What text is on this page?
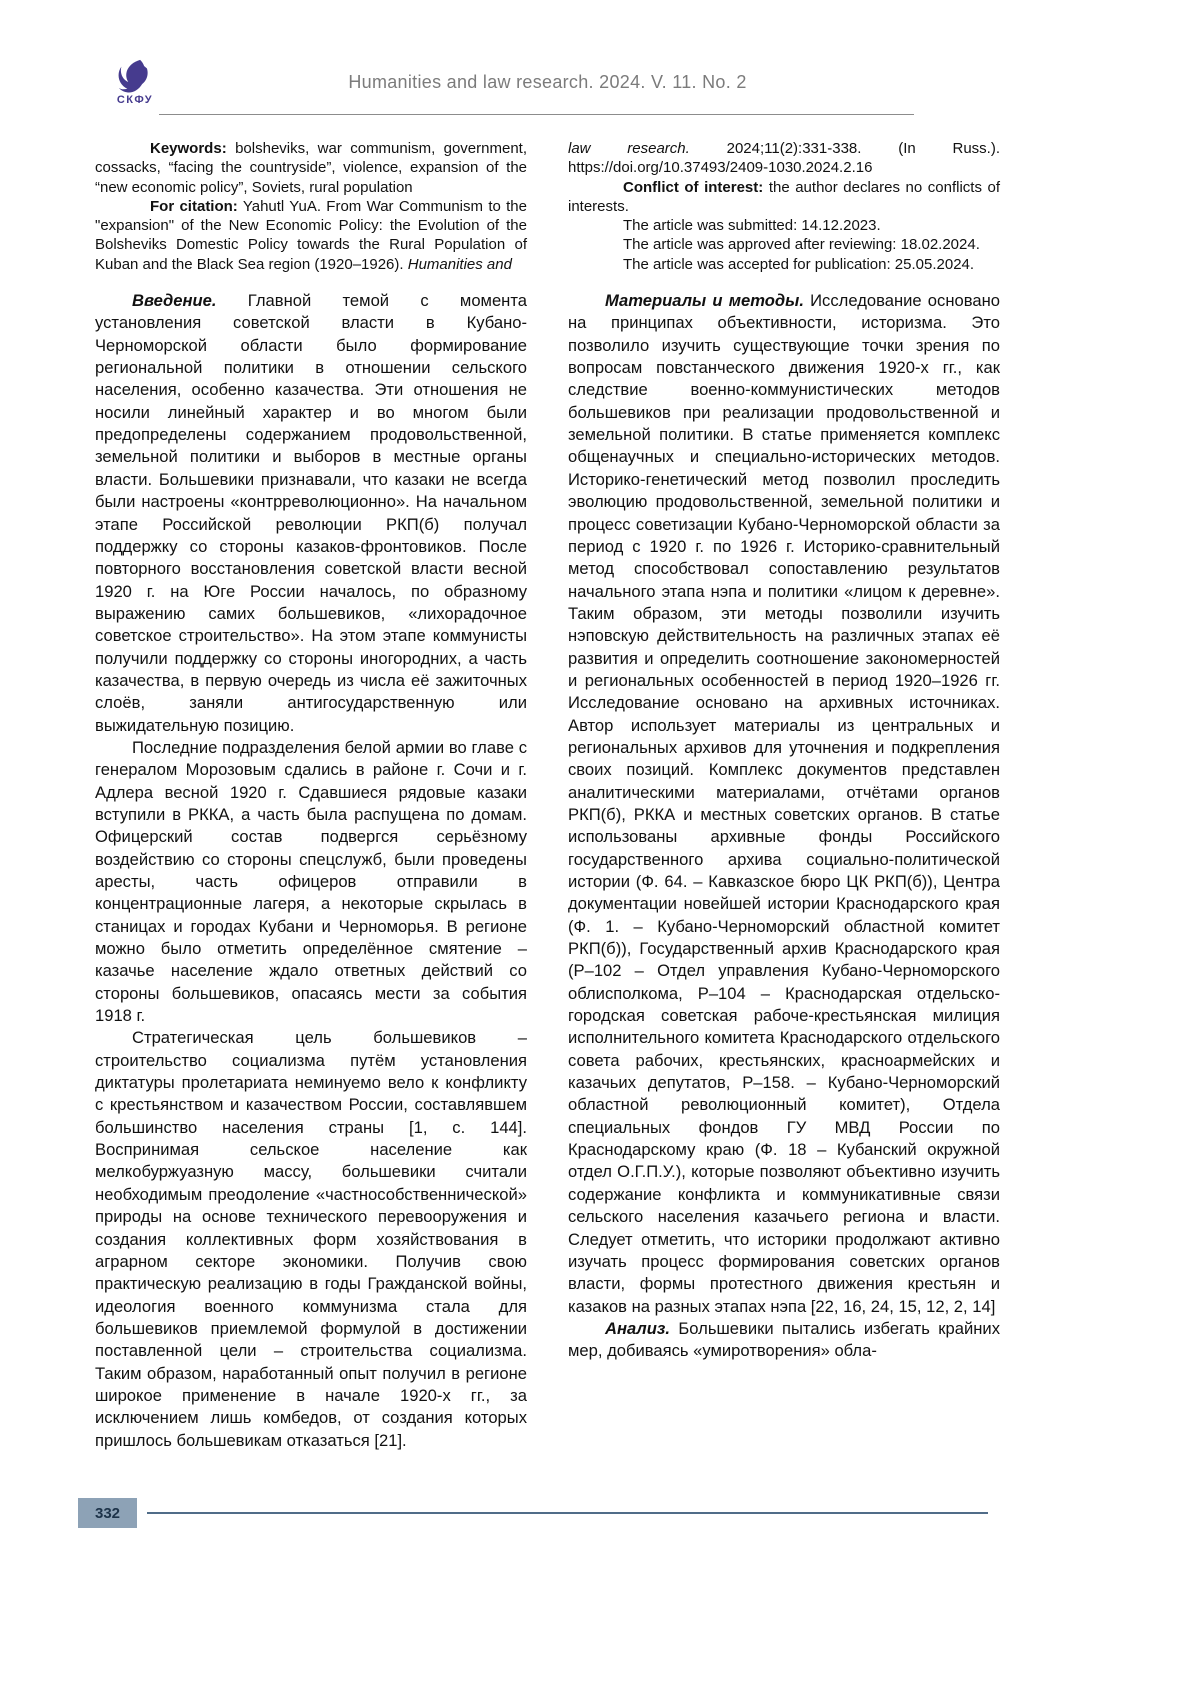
СКФУ
Humanities and law research. 2024. V. 11. No. 2

Keywords: bolsheviks, war communism, government, cossacks, “facing the countryside”, violence, expansion of the “new economic policy”, Soviets, rural population

For citation: Yahutl YuA. From War Communism to the "expansion" of the New Economic Policy: the Evolution of the Bolsheviks Domestic Policy towards the Rural Population of Kuban and the Black Sea region (1920–1926). Humanities and

law research. 2024;11(2):331-338. (In Russ.). https://doi.org/10.37493/2409-1030.2024.2.16

Conflict of interest: the author declares no conflicts of interests.

The article was submitted: 14.12.2023.

The article was approved after reviewing: 18.02.2024.

The article was accepted for publication: 25.05.2024.

Введение. Главной темой с момента установления советской власти в Кубано-Черноморской области было формирование региональной политики в отношении сельского населения, особенно казачества. Эти отношения не носили линейный характер и во многом были предопределены содержанием продовольственной, земельной политики и выборов в местные органы власти. Большевики признавали, что казаки не всегда были настроены «контрреволюционно». На начальном этапе Российской революции РКП(б) получал поддержку со стороны казаков-фронтовиков. После повторного восстановления советской власти весной 1920 г. на Юге России началось, по образному выражению самих большевиков, «лихорадочное советское строительство». На этом этапе коммунисты получили поддержку со стороны иногородних, а часть казачества, в первую очередь из числа её зажиточных слоёв, заняли антигосударственную или выжидательную позицию.

Последние подразделения белой армии во главе с генералом Морозовым сдались в районе г. Сочи и г. Адлера весной 1920 г. Сдавшиеся рядовые казаки вступили в РККА, а часть была распущена по домам. Офицерский состав подвергся серьёзному воздействию со стороны спецслужб, были проведены аресты, часть офицеров отправили в концентрационные лагеря, а некоторые скрылась в станицах и городах Кубани и Черноморья. В регионе можно было отметить определённое смятение – казачье население ждало ответных действий со стороны большевиков, опасаясь мести за события 1918 г.

Стратегическая цель большевиков – строительство социализма путём установления диктатуры пролетариата неминуемо вело к конфликту с крестьянством и казачеством России, составлявшем большинство населения страны [1, с. 144]. Воспринимая сельское население как мелкобуржуазную массу, большевики считали необходимым преодоление «частнособственнической» природы на основе технического перевооружения и создания коллективных форм хозяйствования в аграрном секторе экономики. Получив свою практическую реализацию в годы Гражданской войны, идеология военного коммунизма стала для большевиков приемлемой формулой в достижении поставленной цели – строительства социализма. Таким образом, наработанный опыт получил в регионе широкое применение в начале 1920-х гг., за исключением лишь комбедов, от создания которых пришлось большевикам отказаться [21].

Материалы и методы. Исследование основано на принципах объективности, историзма. Это позволило изучить существующие точки зрения по вопросам повстанческого движения 1920-х гг., как следствие военно-коммунистических методов большевиков при реализации продовольственной и земельной политики. В статье применяется комплекс общенаучных и специально-исторических методов. Историко-генетический метод позволил проследить эволюцию продовольственной, земельной политики и процесс советизации Кубано-Черноморской области за период с 1920 г. по 1926 г. Историко-сравнительный метод способствовал сопоставлению результатов начального этапа нэпа и политики «лицом к деревне». Таким образом, эти методы позволили изучить нэповскую действительность на различных этапах её развития и определить соотношение закономерностей и региональных особенностей в период 1920–1926 гг. Исследование основано на архивных источниках. Автор использует материалы из центральных и региональных архивов для уточнения и подкрепления своих позиций. Комплекс документов представлен аналитическими материалами, отчётами органов РКП(б), РККА и местных советских органов. В статье использованы архивные фонды Российского государственного архива социально-политической истории (Ф. 64. – Кавказское бюро ЦК РКП(б)), Центра документации новейшей истории Краснодарского края (Ф. 1. – Кубано-Черноморский областной комитет РКП(б)), Государственный архив Краснодарского края (Р–102 – Отдел управления Кубано-Черноморского облисполкома, Р–104 – Краснодарская отдельско-городская советская рабоче-крестьянская милиция исполнительного комитета Краснодарского отдельского совета рабочих, крестьянских, красноармейских и казачьих депутатов, Р–158. – Кубано-Черноморский областной революционный комитет), Отдела специальных фондов ГУ МВД России по Краснодарскому краю (Ф. 18 – Кубанский окружной отдел О.Г.П.У.), которые позволяют объективно изучить содержание конфликта и коммуникативные связи сельского населения казачьего региона и власти. Следует отметить, что историки продолжают активно изучать процесс формирования советских органов власти, формы протестного движения крестьян и казаков на разных этапах нэпа [22, 16, 24, 15, 12, 2, 14]

Анализ. Большевики пытались избегать крайних мер, добиваясь «умиротворения» обла-

332
